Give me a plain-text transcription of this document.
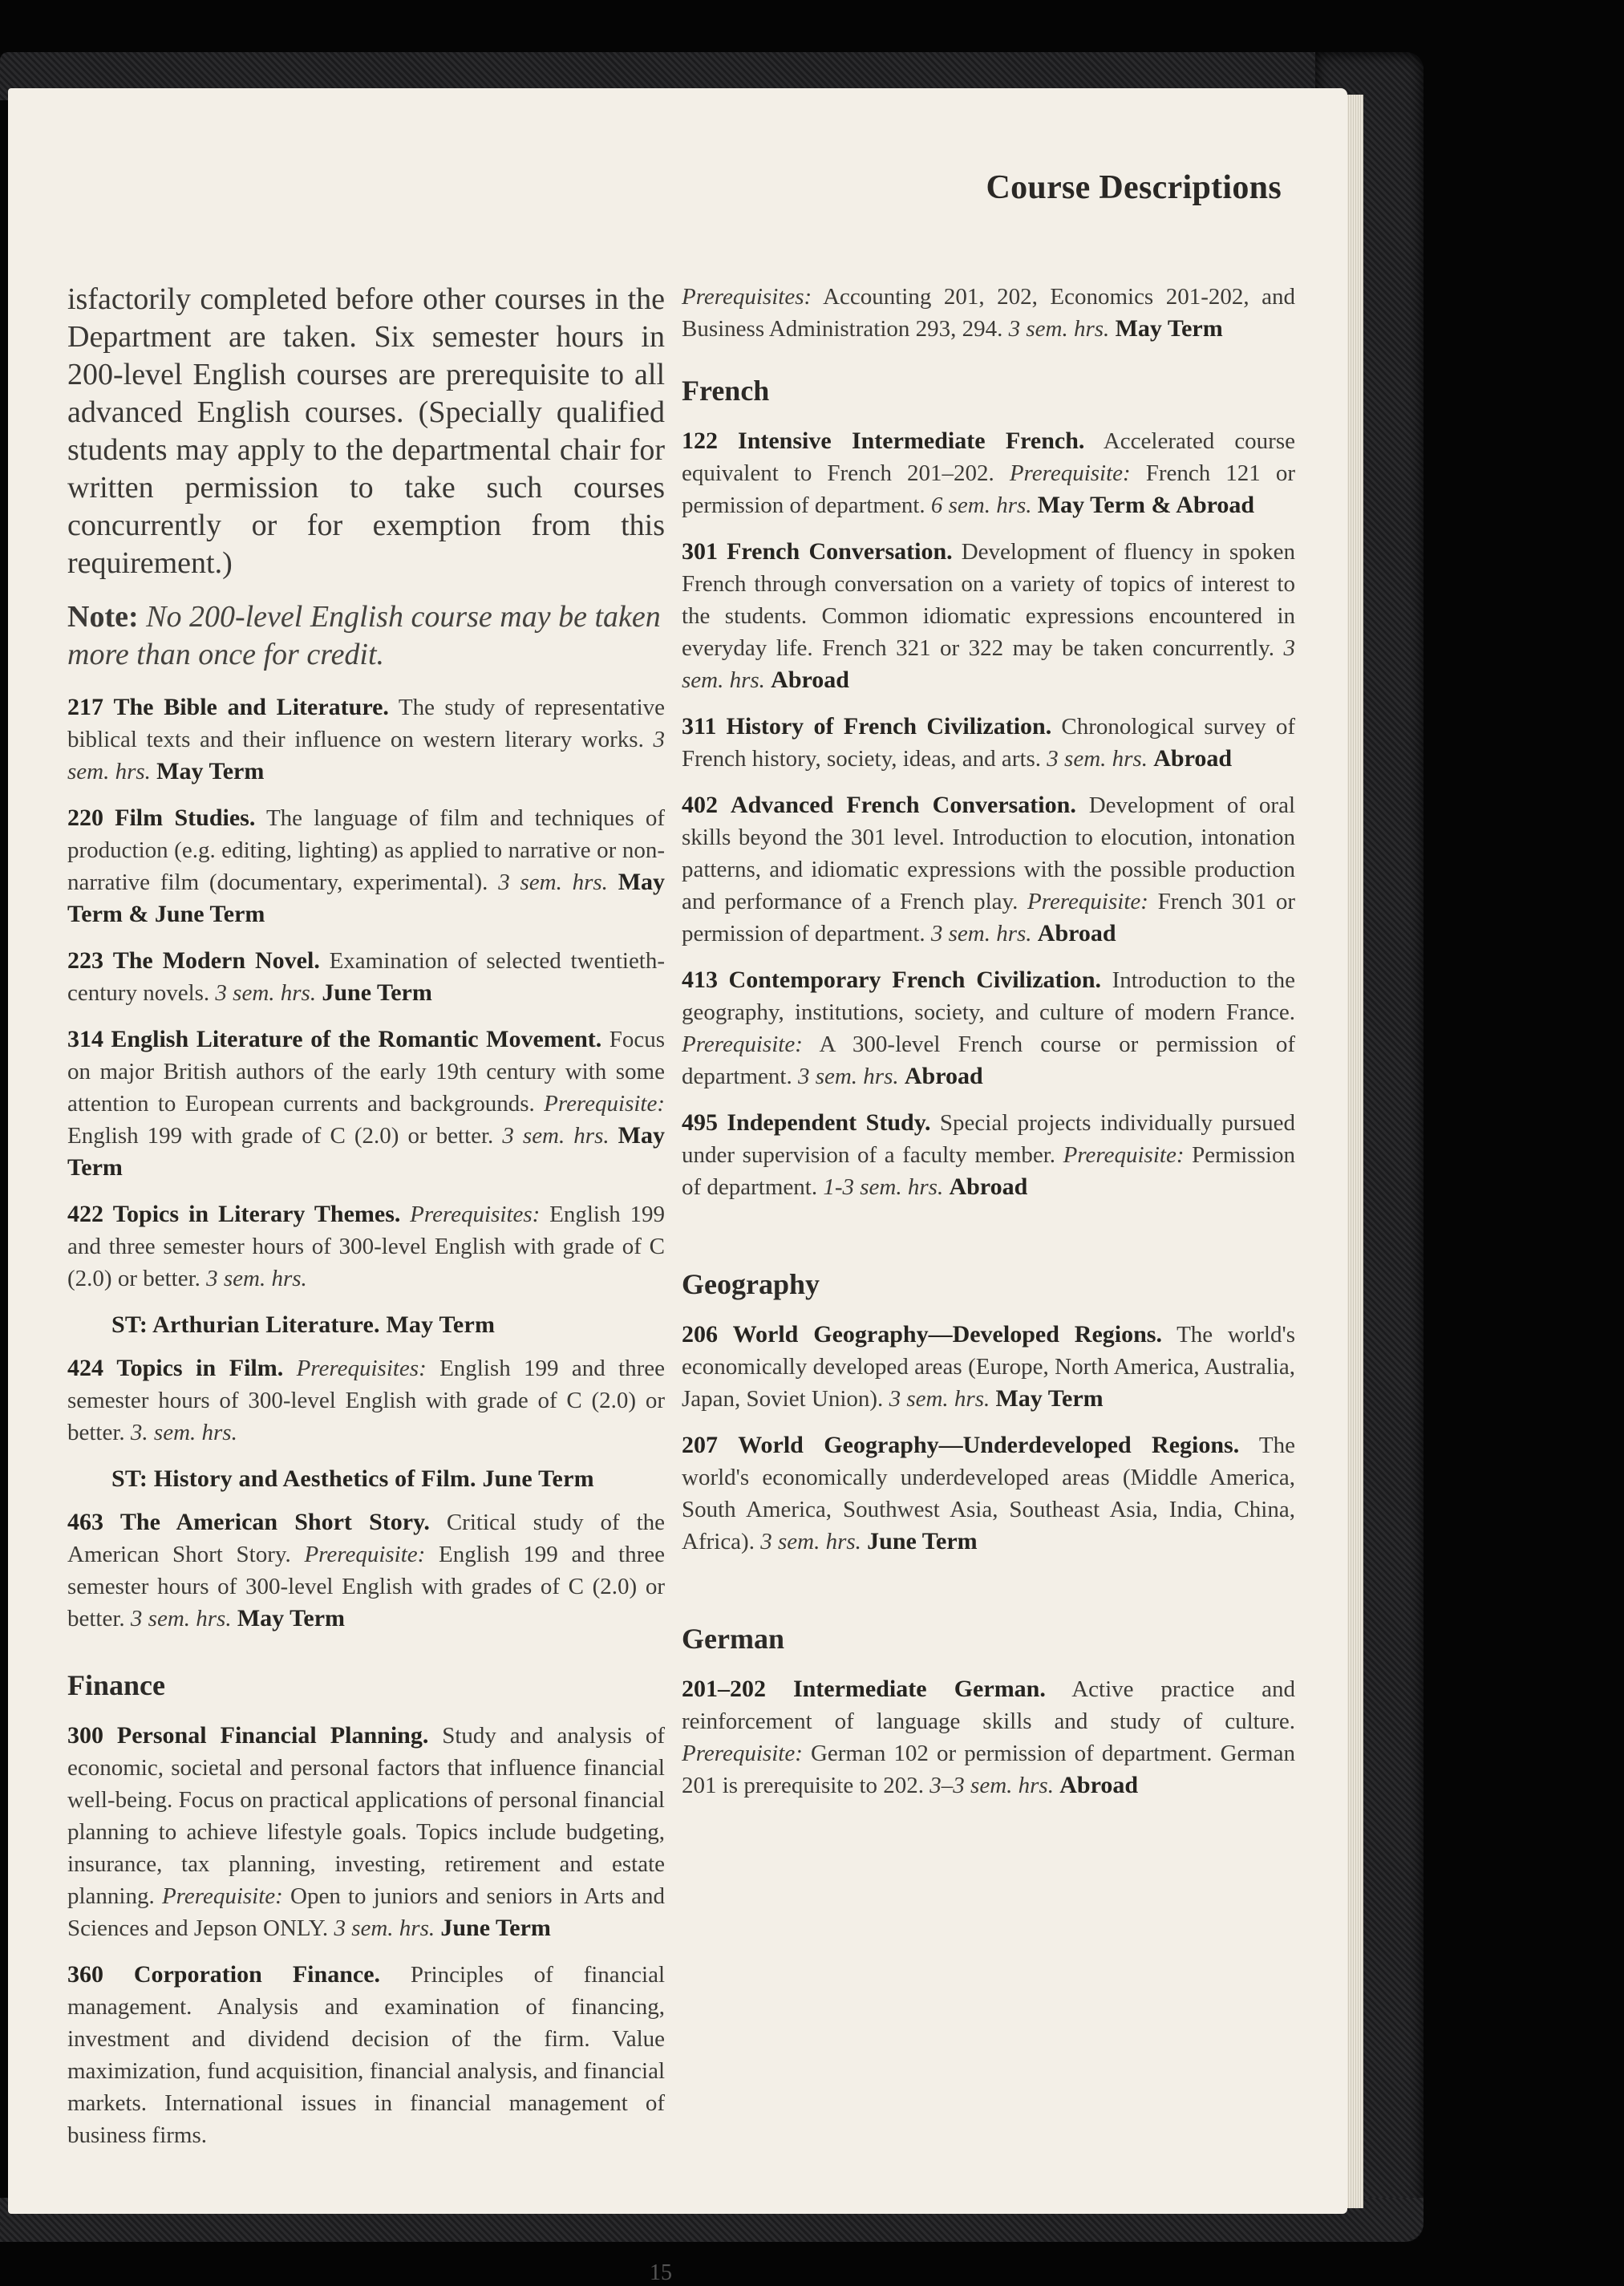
Course Descriptions

isfactorily completed before other courses in the Department are taken. Six semester hours in 200-level English courses are prerequisite to all advanced English courses. (Specially qualified students may apply to the departmental chair for written permission to take such courses concurrently or for exemption from this requirement.)

Note: No 200-level English course may be taken more than once for credit.

217 The Bible and Literature. The study of representative biblical texts and their influence on western literary works. 3 sem. hrs. May Term

220 Film Studies. The language of film and techniques of production (e.g. editing, lighting) as applied to narrative or non-narrative film (documentary, experimental). 3 sem. hrs. May Term & June Term

223 The Modern Novel. Examination of selected twentieth-century novels. 3 sem. hrs. June Term

314 English Literature of the Romantic Movement. Focus on major British authors of the early 19th century with some attention to European currents and backgrounds. Prerequisite: English 199 with grade of C (2.0) or better. 3 sem. hrs. May Term

422 Topics in Literary Themes. Prerequisites: English 199 and three semester hours of 300-level English with grade of C (2.0) or better. 3 sem. hrs.

ST: Arthurian Literature. May Term

424 Topics in Film. Prerequisites: English 199 and three semester hours of 300-level English with grade of C (2.0) or better. 3. sem. hrs.

ST: History and Aesthetics of Film. June Term

463 The American Short Story. Critical study of the American Short Story. Prerequisite: English 199 and three semester hours of 300-level English with grades of C (2.0) or better. 3 sem. hrs. May Term

Finance

300 Personal Financial Planning. Study and analysis of economic, societal and personal factors that influence financial well-being. Focus on practical applications of personal financial planning to achieve lifestyle goals. Topics include budgeting, insurance, tax planning, investing, retirement and estate planning. Prerequisite: Open to juniors and seniors in Arts and Sciences and Jepson ONLY. 3 sem. hrs. June Term

360 Corporation Finance. Principles of financial management. Analysis and examination of financing, investment and dividend decision of the firm. Value maximization, fund acquisition, financial analysis, and financial markets. International issues in financial management of business firms.

Prerequisites: Accounting 201, 202, Economics 201-202, and Business Administration 293, 294. 3 sem. hrs. May Term

French

122 Intensive Intermediate French. Accelerated course equivalent to French 201–202. Prerequisite: French 121 or permission of department. 6 sem. hrs. May Term & Abroad

301 French Conversation. Development of fluency in spoken French through conversation on a variety of topics of interest to the students. Common idiomatic expressions encountered in everyday life. French 321 or 322 may be taken concurrently. 3 sem. hrs. Abroad

311 History of French Civilization. Chronological survey of French history, society, ideas, and arts. 3 sem. hrs. Abroad

402 Advanced French Conversation. Development of oral skills beyond the 301 level. Introduction to elocution, intonation patterns, and idiomatic expressions with the possible production and performance of a French play. Prerequisite: French 301 or permission of department. 3 sem. hrs. Abroad

413 Contemporary French Civilization. Introduction to the geography, institutions, society, and culture of modern France. Prerequisite: A 300-level French course or permission of department. 3 sem. hrs. Abroad

495 Independent Study. Special projects individually pursued under supervision of a faculty member. Prerequisite: Permission of department. 1-3 sem. hrs. Abroad

Geography

206 World Geography—Developed Regions. The world's economically developed areas (Europe, North America, Australia, Japan, Soviet Union). 3 sem. hrs. May Term

207 World Geography—Underdeveloped Regions. The world's economically underdeveloped areas (Middle America, South America, Southwest Asia, Southeast Asia, India, China, Africa). 3 sem. hrs. June Term

German

201–202 Intermediate German. Active practice and reinforcement of language skills and study of culture. Prerequisite: German 102 or permission of department. German 201 is prerequisite to 202. 3–3 sem. hrs. Abroad

15
